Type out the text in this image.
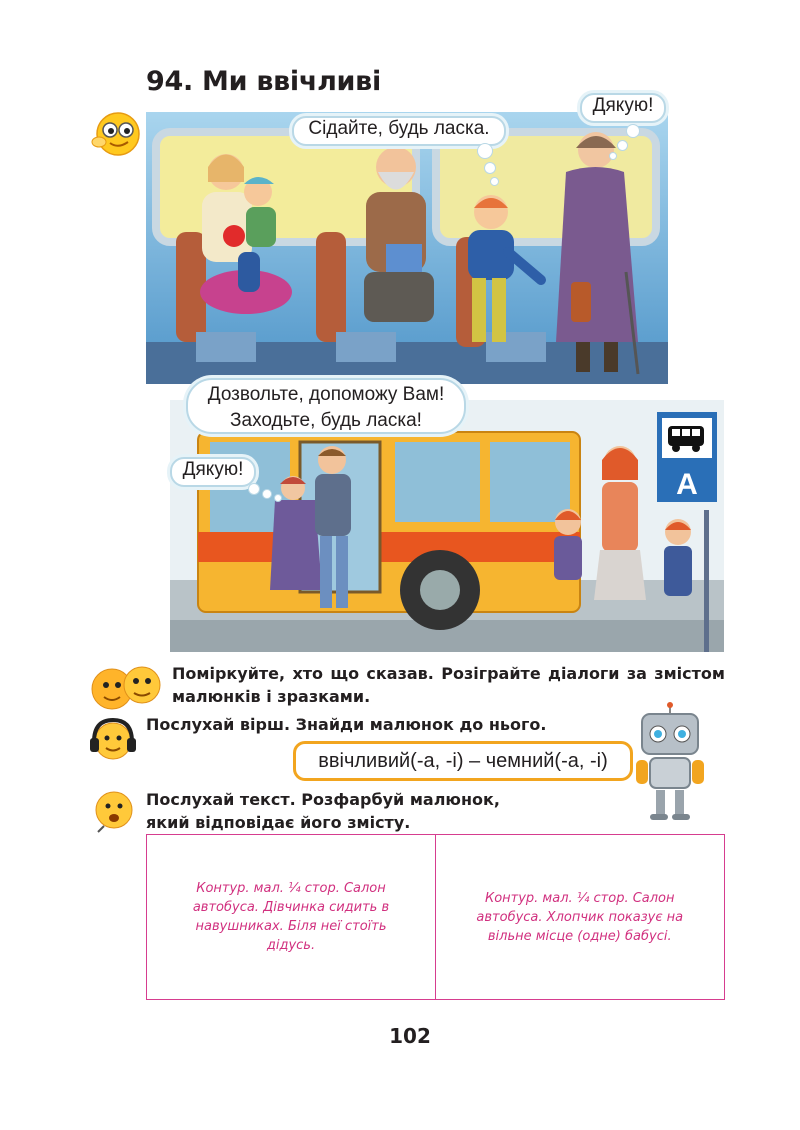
94. Ми ввічливі
Сідайте, будь ласка.
Дякую!
A
Дозвольте, допоможу Вам!
Заходьте, будь ласка!
Дякую!
Поміркуйте, хто що сказав. Розіграйте діалоги за змістом малюнків і зразками.
Послухай вірш. Знайди малюнок до нього.
ввічливий(-а, -і) – чемний(-а, -і)
Послухай текст. Розфарбуй малюнок,
який відповідає його змісту.
Контур. мал. ¼ стор. Салон автобуса. Дівчинка сидить в навушниках. Біля неї стоїть дідусь.
Контур. мал. ¼ стор. Салон автобуса. Хлопчик показує на вільне місце (одне) бабусі.
102
